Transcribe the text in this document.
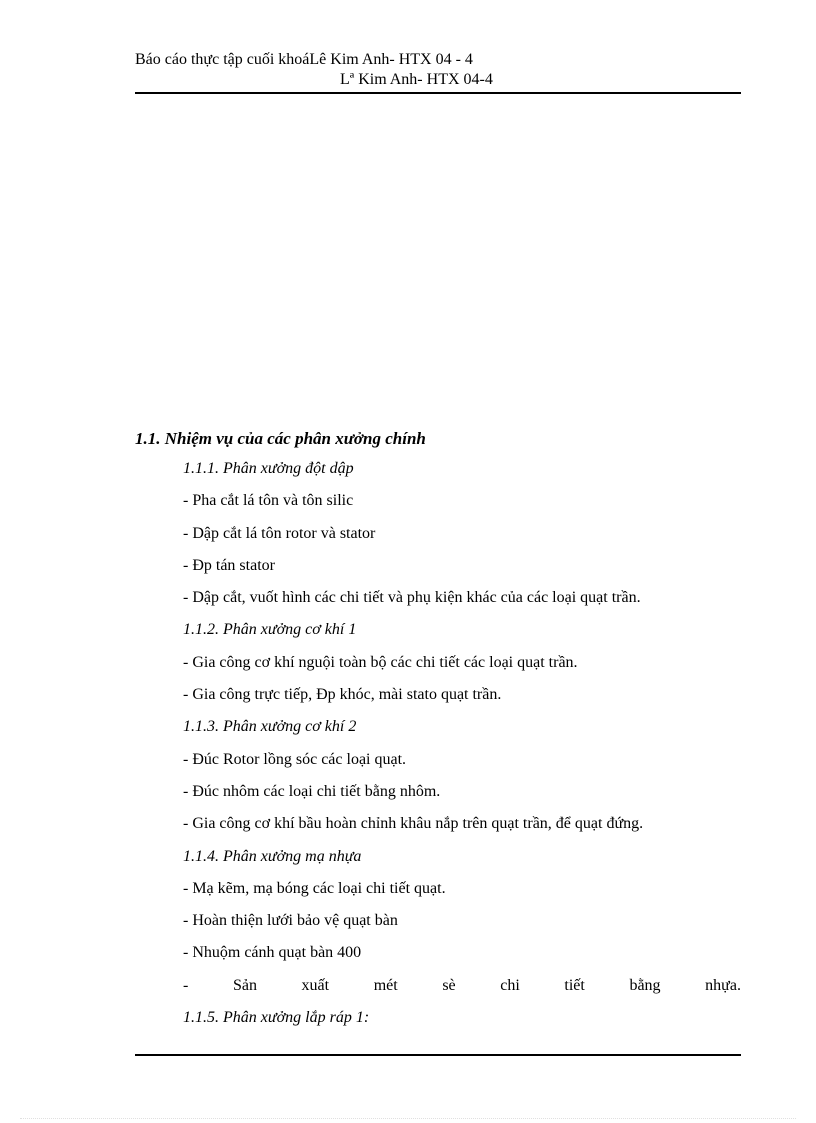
Báo cáo thực tập cuối khoáLê Kim Anh- HTX 04 - 4
Lª Kim Anh- HTX 04-4

1.1. Nhiệm vụ của các phân xưởng chính

1.1.1. Phân xưởng đột dập

- Pha cắt lá tôn và tôn silic

- Dập cắt lá tôn rotor và stator

- Đp tán stator

- Dập cắt, vuốt hình các chi tiết và phụ kiện khác của các loại quạt trần.

1.1.2. Phân xưởng cơ khí 1

- Gia công cơ khí nguội toàn bộ các chi tiết các loại quạt trần.

- Gia công trực tiếp, Đp khóc, mài stato quạt trần.

1.1.3. Phân xưởng cơ khí 2

- Đúc Rotor lồng sóc các loại quạt.

- Đúc nhôm các loại chi tiết bằng nhôm.

- Gia công cơ khí bầu hoàn chỉnh khâu nắp trên quạt trần, để quạt đứng.

1.1.4. Phân xưởng mạ nhựa

- Mạ kẽm, mạ bóng các loại chi tiết quạt.

- Hoàn thiện lưới bảo vệ quạt bàn

- Nhuộm cánh quạt bàn 400

-	Sản	xuất	mét	sè	chi	tiết	bằng	nhựa.

1.1.5. Phân xưởng lắp ráp 1:
